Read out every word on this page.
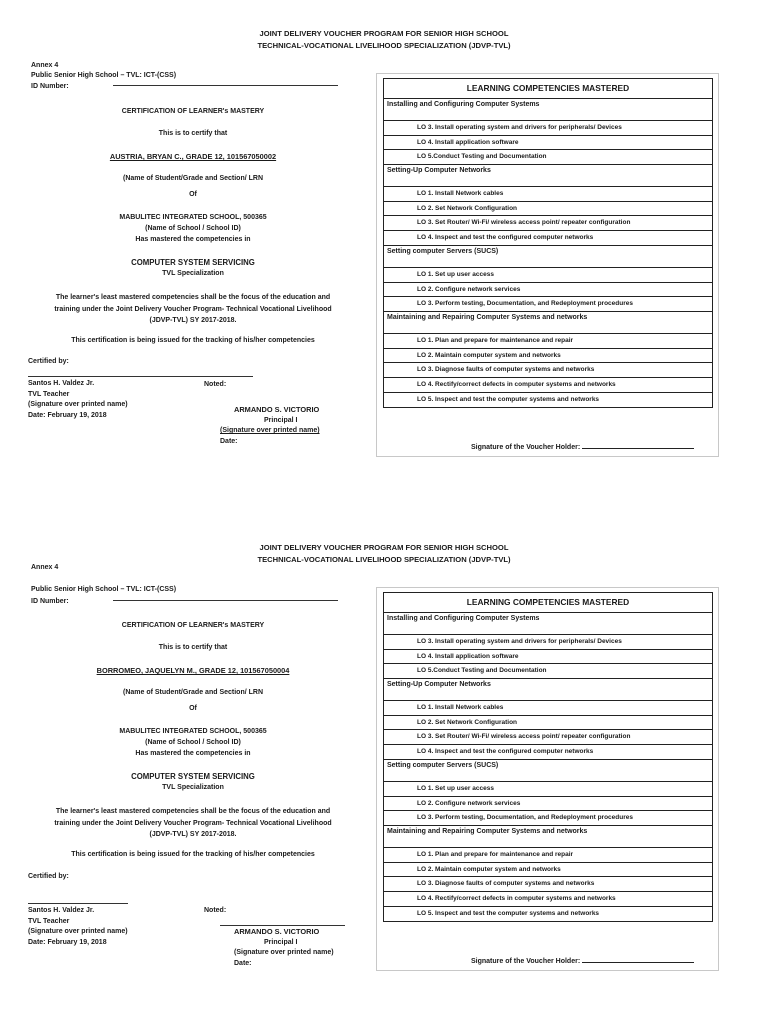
JOINT DELIVERY VOUCHER PROGRAM FOR SENIOR HIGH SCHOOL
TECHNICAL-VOCATIONAL LIVELIHOOD SPECIALIZATION (JDVP-TVL)
Annex 4
Public Senior High School – TVL: ICT-(CSS)
ID Number:
CERTIFICATION OF LEARNER's MASTERY
This is to certify that
AUSTRIA, BRYAN C., GRADE 12, 101567050002
(Name of Student/Grade and Section/ LRN
Of
MABULITEC INTEGRATED SCHOOL, 500365
(Name of School / School ID)
Has mastered the competencies in
COMPUTER SYSTEM SERVICING
TVL Specialization
The learner's least mastered competencies shall be the focus of the education and
training under the Joint Delivery Voucher Program- Technical Vocational Livelihood
(JDVP-TVL) SY 2017-2018.
This certification is being issued for the tracking of his/her competencies
Certified by:
Santos H. Valdez Jr.
TVL Teacher
(Signature over printed name)
Date: February 19, 2018
Noted:
ARMANDO S. VICTORIO
Principal I
(Signature over printed name)
Date:
LEARNING COMPETENCIES MASTERED
Installing and Configuring Computer Systems
LO 3. Install operating system and drivers for peripherals/ Devices
LO 4. Install application software
LO 5.Conduct Testing and Documentation
Setting-Up Computer Networks
LO 1. Install Network cables
LO 2. Set Network Configuration
LO 3. Set Router/ Wi-Fi/ wireless access point/ repeater configuration
LO 4. Inspect and test the configured computer networks
Setting computer Servers (SUCS)
LO 1. Set up user access
LO 2. Configure network services
LO 3. Perform testing, Documentation, and Redeployment procedures
Maintaining and Repairing Computer Systems and networks
LO 1. Plan and prepare for maintenance and repair
LO 2. Maintain computer system and networks
LO 3. Diagnose faults of computer systems and networks
LO 4. Rectify/correct defects in computer systems and networks
LO 5. Inspect and test the computer systems and networks
Signature of the Voucher Holder:
JOINT DELIVERY VOUCHER PROGRAM FOR SENIOR HIGH SCHOOL
TECHNICAL-VOCATIONAL LIVELIHOOD SPECIALIZATION (JDVP-TVL)
Annex 4
Public Senior High School – TVL: ICT-(CSS)
ID Number:
CERTIFICATION OF LEARNER's MASTERY
This is to certify that
BORROMEO, JAQUELYN M., GRADE 12, 101567050004
(Name of Student/Grade and Section/ LRN
Of
MABULITEC INTEGRATED SCHOOL, 500365
(Name of School / School ID)
Has mastered the competencies in
COMPUTER SYSTEM SERVICING
TVL Specialization
The learner's least mastered competencies shall be the focus of the education and
training under the Joint Delivery Voucher Program- Technical Vocational Livelihood
(JDVP-TVL) SY 2017-2018.
This certification is being issued for the tracking of his/her competencies
Certified by:
Santos H. Valdez Jr.
TVL Teacher
(Signature over printed name)
Date: February 19, 2018
Noted:
ARMANDO S. VICTORIO
Principal I
(Signature over printed name)
Date:
LEARNING COMPETENCIES MASTERED
Installing and Configuring Computer Systems
LO 3. Install operating system and drivers for peripherals/ Devices
LO 4. Install application software
LO 5.Conduct Testing and Documentation
Setting-Up Computer Networks
LO 1. Install Network cables
LO 2. Set Network Configuration
LO 3. Set Router/ Wi-Fi/ wireless access point/ repeater configuration
LO 4. Inspect and test the configured computer networks
Setting computer Servers (SUCS)
LO 1. Set up user access
LO 2. Configure network services
LO 3. Perform testing, Documentation, and Redeployment procedures
Maintaining and Repairing Computer Systems and networks
LO 1. Plan and prepare for maintenance and repair
LO 2. Maintain computer system and networks
LO 3. Diagnose faults of computer systems and networks
LO 4. Rectify/correct defects in computer systems and networks
LO 5. Inspect and test the computer systems and networks
Signature of the Voucher Holder:
